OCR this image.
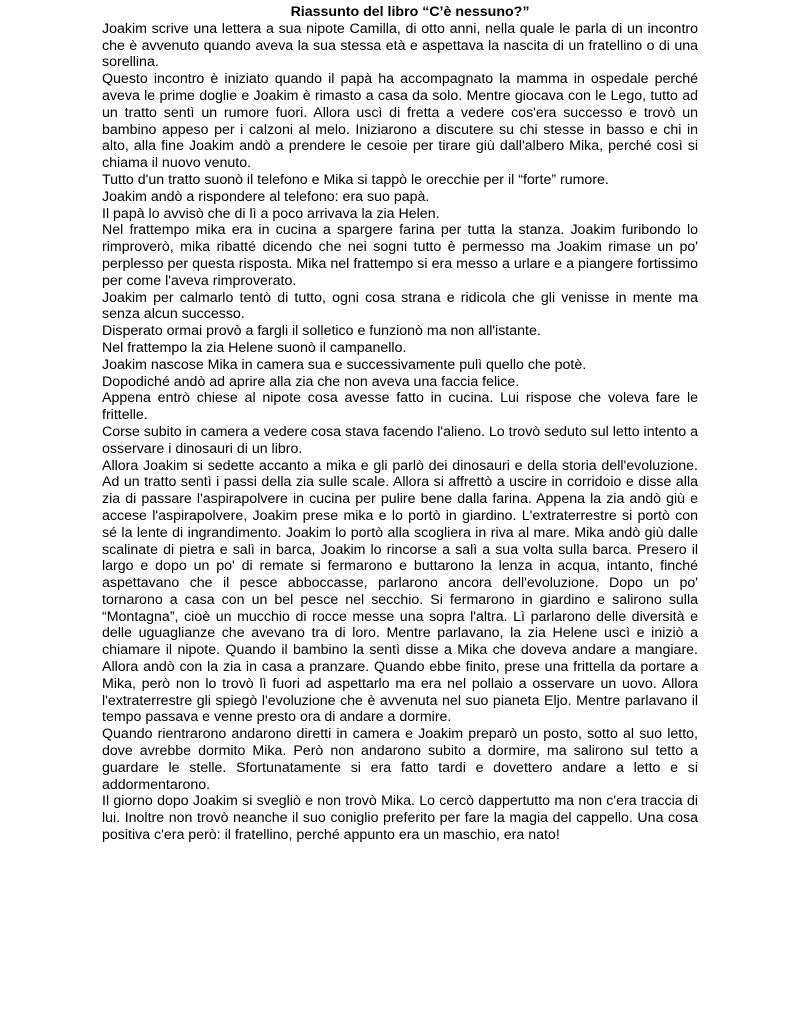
Riassunto del libro “C’è nessuno?”

Joakim scrive una lettera a sua nipote Camilla, di otto anni, nella quale le parla di un incontro che è avvenuto quando aveva la sua stessa età e aspettava la nascita di un fratellino o di una sorellina.

Questo incontro è iniziato quando il papà ha accompagnato la mamma in ospedale perché aveva le prime doglie e Joakim è rimasto a casa da solo. Mentre giocava con le Lego, tutto ad un tratto sentì un rumore fuori. Allora uscì di fretta a vedere cos'era successo e trovò un bambino appeso per i calzoni al melo. Iniziarono a discutere su chi stesse in basso e chi in alto, alla fine Joakim andò a prendere le cesoie per tirare giù dall'albero Mika, perché così si chiama il nuovo venuto.

Tutto d'un tratto suonò il telefono e Mika si tappò le orecchie per il “forte” rumore.

Joakim andò a rispondere al telefono: era suo papà.

Il papà lo avvisò che di lì a poco arrivava la zia Helen.

Nel frattempo mika era in cucina a spargere farina per tutta la stanza. Joakim furibondo lo rimproverò, mika ribatté dicendo che nei sogni tutto è permesso ma Joakim rimase un po' perplesso per questa risposta. Mika nel frattempo si era messo a urlare e a piangere fortissimo per come l'aveva rimproverato.

Joakim per calmarlo tentò di tutto, ogni cosa strana e ridicola che gli venisse in mente ma senza alcun successo.

Disperato ormai provò a fargli il solletico e funzionò ma non all'istante.

Nel frattempo la zia Helene suonò il campanello.

Joakim nascose Mika in camera sua e successivamente pulì quello che potè.

Dopodiché andò ad aprire alla zia che non aveva una faccia felice.

Appena entrò chiese al nipote cosa avesse fatto in cucina. Lui rispose che voleva fare le frittelle.

Corse subito in camera a vedere cosa stava facendo l'alieno. Lo trovò seduto sul letto intento a osservare i dinosauri di un libro.

Allora Joakim si sedette accanto a mika e gli parlò dei dinosauri e della storia dell'evoluzione. Ad un tratto sentì i passi della zia sulle scale. Allora si affrettò a uscire in corridoio e disse alla zia di passare l'aspirapolvere in cucina per pulire bene dalla farina. Appena la zia andò giù e accese l'aspirapolvere, Joakim prese mika e lo portò in giardino. L'extraterrestre si portò con sé la lente di ingrandimento. Joakim lo portò alla scogliera in riva al mare. Mika andò giù dalle scalinate di pietra e salì in barca, Joakim lo rincorse a salì a sua volta sulla barca. Presero il largo e dopo un po' di remate si fermarono e buttarono la lenza in acqua, intanto, finché aspettavano che il pesce abboccasse, parlarono ancora dell'evoluzione. Dopo un po' tornarono a casa con un bel pesce nel secchio. Si fermarono in giardino e salirono sulla “Montagna”, cioè un mucchio di rocce messe una sopra l'altra. Lì parlarono delle diversità e delle uguaglianze che avevano tra di loro. Mentre parlavano, la zia Helene uscì e iniziò a chiamare il nipote. Quando il bambino la sentì disse a Mika che doveva andare a mangiare. Allora andò con la zia in casa a pranzare. Quando ebbe finito, prese una frittella da portare a Mika, però non lo trovò lì fuori ad aspettarlo ma era nel pollaio a osservare un uovo. Allora l'extraterrestre gli spiegò l'evoluzione che è avvenuta nel suo pianeta Eljo. Mentre parlavano il tempo passava e venne presto ora di andare a dormire.

Quando rientrarono andarono diretti in camera e Joakim preparò un posto, sotto al suo letto, dove avrebbe dormito Mika. Però non andarono subito a dormire, ma salirono sul tetto a guardare le stelle. Sfortunatamente si era fatto tardi e dovettero andare a letto e si addormentarono.

Il giorno dopo Joakim si svegliò e non trovò Mika. Lo cercò dappertutto ma non c'era traccia di lui. Inoltre non trovò neanche il suo coniglio preferito per fare la magia del cappello. Una cosa positiva c'era però: il fratellino, perché appunto era un maschio, era nato!
